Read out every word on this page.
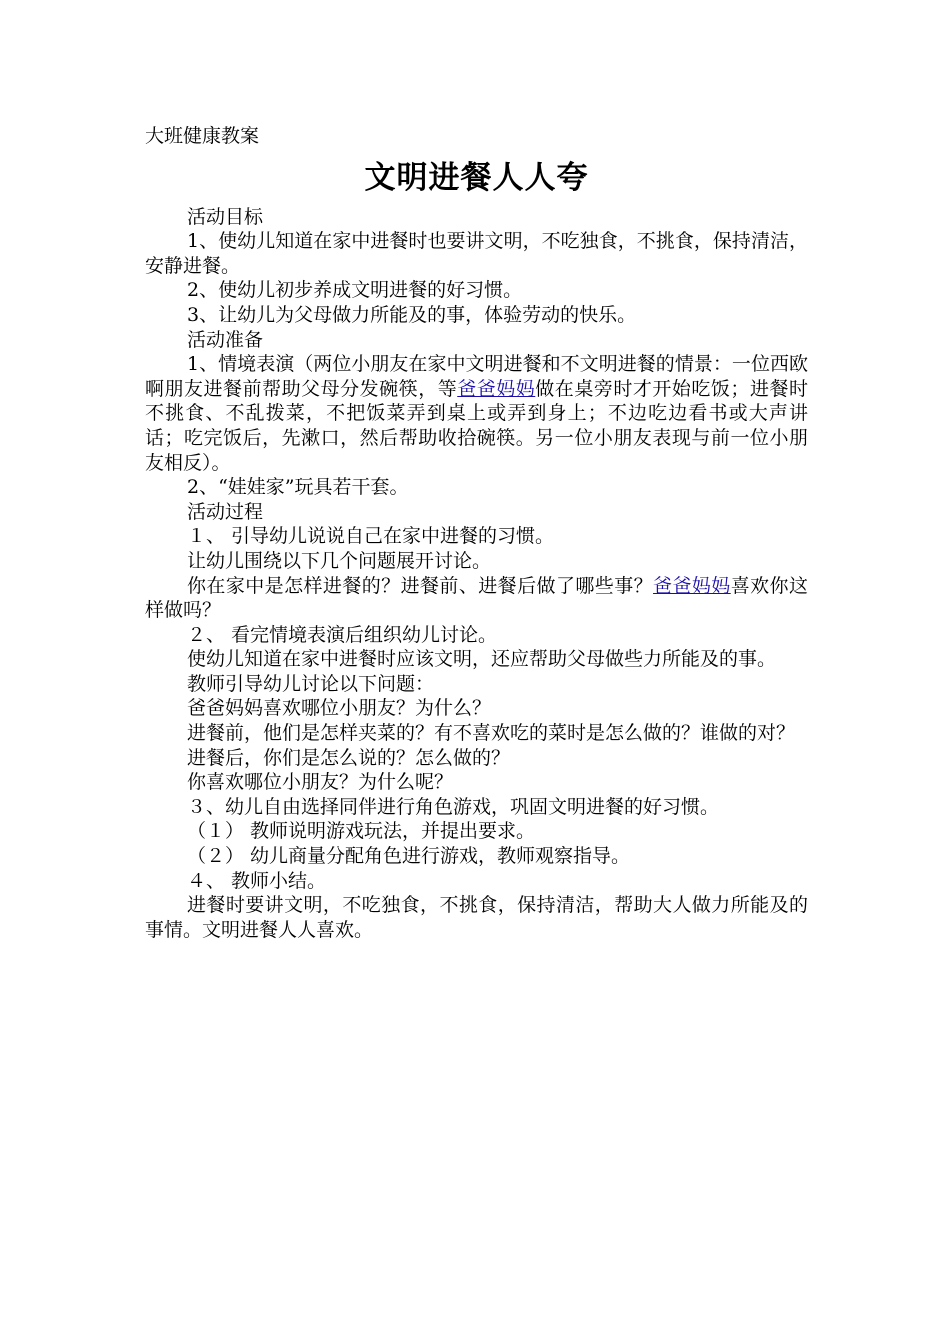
大班健康教案

文明进餐人人夸

活动目标

1、使幼儿知道在家中进餐时也要讲文明，不吃独食，不挑食，保持清洁，安静进餐。

2、使幼儿初步养成文明进餐的好习惯。

3、让幼儿为父母做力所能及的事，体验劳动的快乐。

活动准备

1、情境表演（两位小朋友在家中文明进餐和不文明进餐的情景：一位西欧啊朋友进餐前帮助父母分发碗筷，等爸爸妈妈做在桌旁时才开始吃饭；进餐时不挑食、不乱拨菜，不把饭菜弄到桌上或弄到身上；不边吃边看书或大声讲话；吃完饭后，先漱口，然后帮助收拾碗筷。另一位小朋友表现与前一位小朋友相反）。

2、“娃娃家”玩具若干套。

活动过程

１、 引导幼儿说说自己在家中进餐的习惯。

让幼儿围绕以下几个问题展开讨论。

你在家中是怎样进餐的？进餐前、进餐后做了哪些事？爸爸妈妈喜欢你这样做吗？

２、 看完情境表演后组织幼儿讨论。

使幼儿知道在家中进餐时应该文明，还应帮助父母做些力所能及的事。

教师引导幼儿讨论以下问题：

爸爸妈妈喜欢哪位小朋友？为什么？

进餐前，他们是怎样夹菜的？有不喜欢吃的菜时是怎么做的？谁做的对？

进餐后，你们是怎么说的？怎么做的？

你喜欢哪位小朋友？为什么呢？

３、幼儿自由选择同伴进行角色游戏，巩固文明进餐的好习惯。

（１） 教师说明游戏玩法，并提出要求。

（２） 幼儿商量分配角色进行游戏，教师观察指导。

４、 教师小结。

进餐时要讲文明，不吃独食，不挑食，保持清洁，帮助大人做力所能及的事情。文明进餐人人喜欢。
